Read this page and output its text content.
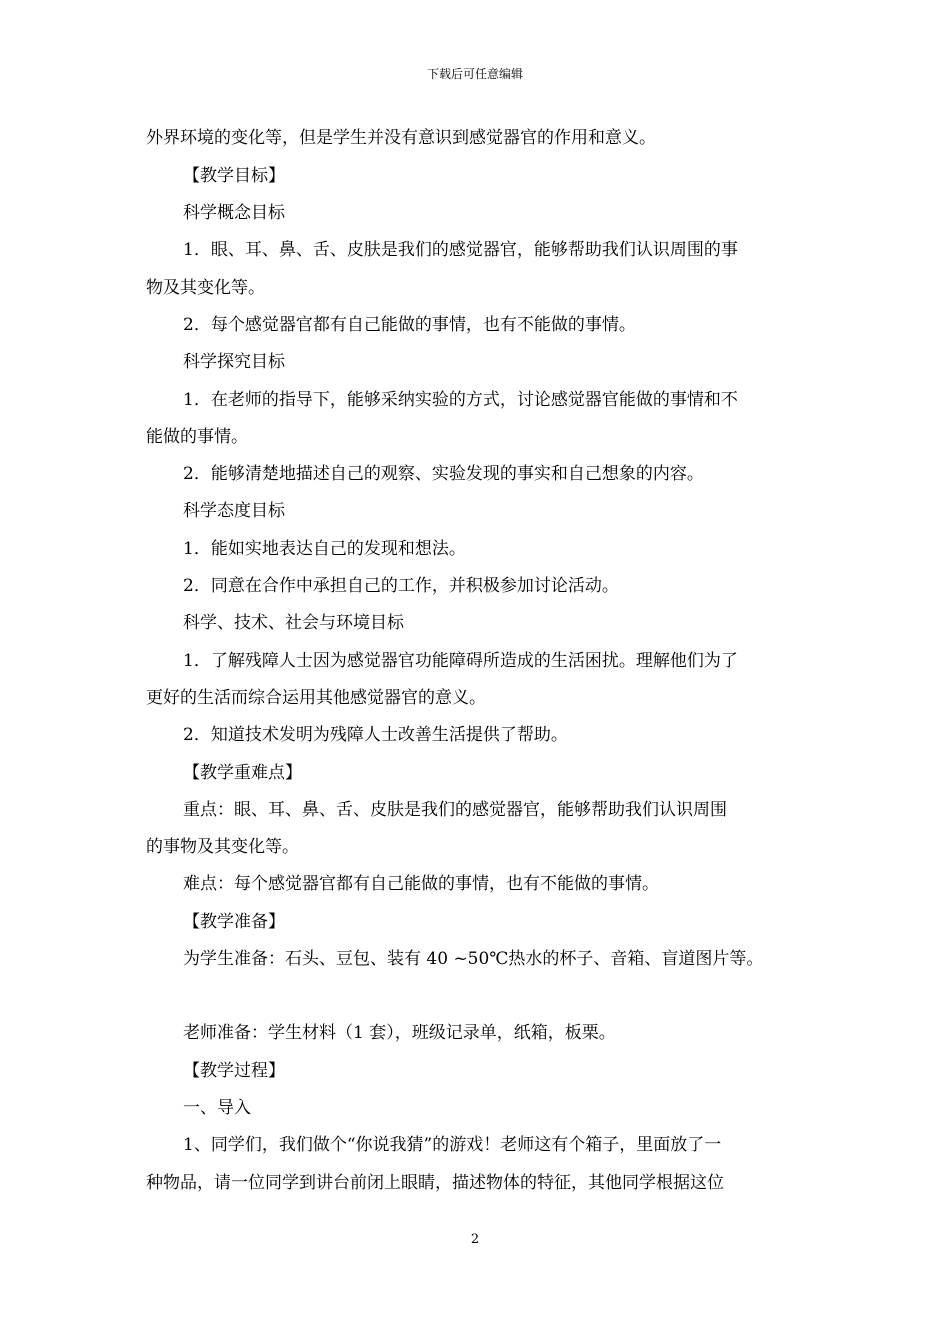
下载后可任意编辑
外界环境的变化等，但是学生并没有意识到感觉器官的作用和意义。
【教学目标】
科学概念目标
1．眼、耳、鼻、舌、皮肤是我们的感觉器官，能够帮助我们认识周围的事
物及其变化等。
2．每个感觉器官都有自己能做的事情，也有不能做的事情。
科学探究目标
1．在老师的指导下，能够采纳实验的方式，讨论感觉器官能做的事情和不
能做的事情。
2．能够清楚地描述自己的观察、实验发现的事实和自己想象的内容。
科学态度目标
1．能如实地表达自己的发现和想法。
2．同意在合作中承担自己的工作，并积极参加讨论活动。
科学、技术、社会与环境目标
1．了解残障人士因为感觉器官功能障碍所造成的生活困扰。理解他们为了
更好的生活而综合运用其他感觉器官的意义。
2．知道技术发明为残障人士改善生活提供了帮助。
【教学重难点】
重点：眼、耳、鼻、舌、皮肤是我们的感觉器官，能够帮助我们认识周围
的事物及其变化等。
难点：每个感觉器官都有自己能做的事情，也有不能做的事情。
【教学准备】
为学生准备：石头、豆包、装有 40 ~50℃热水的杯子、音箱、盲道图片等。
老师准备：学生材料（1 套），班级记录单，纸箱，板栗。
【教学过程】
一、导入
1、同学们，我们做个“你说我猜”的游戏！老师这有个箱子，里面放了一
种物品，请一位同学到讲台前闭上眼睛，描述物体的特征，其他同学根据这位
2
